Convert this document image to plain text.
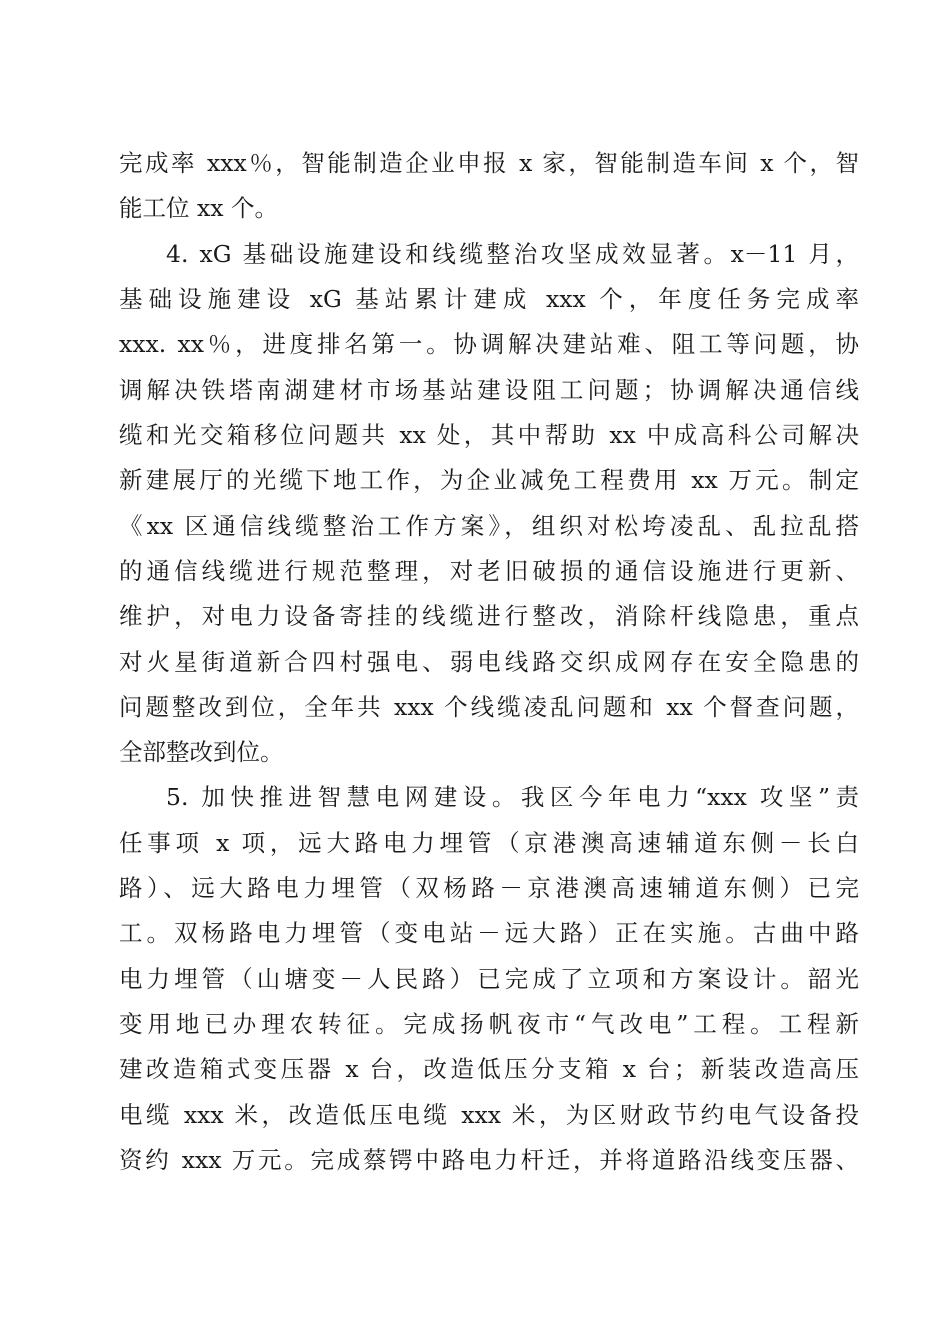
完成率 xxx％，智能制造企业申报 x 家，智能制造车间 x 个，智
能工位 xx 个。
4. xG 基础设施建设和线缆整治攻坚成效显著。x－11 月，
基础设施建设 xG 基站累计建成 xxx 个，年度任务完成率
xxx. xx％，进度排名第一。协调解决建站难、阻工等问题，协
调解决铁塔南湖建材市场基站建设阻工问题；协调解决通信线
缆和光交箱移位问题共 xx 处，其中帮助 xx 中成高科公司解决
新建展厅的光缆下地工作，为企业减免工程费用 xx 万元。制定
《xx 区通信线缆整治工作方案》，组织对松垮凌乱、乱拉乱搭
的通信线缆进行规范整理，对老旧破损的通信设施进行更新、
维护，对电力设备寄挂的线缆进行整改，消除杆线隐患，重点
对火星街道新合四村强电、弱电线路交织成网存在安全隐患的
问题整改到位，全年共 xxx 个线缆凌乱问题和 xx 个督查问题，
全部整改到位。
5. 加快推进智慧电网建设。我区今年电力“xxx 攻坚”责
任事项 x 项，远大路电力埋管（京港澳高速辅道东侧－长白
路）、远大路电力埋管（双杨路－京港澳高速辅道东侧）已完
工。双杨路电力埋管（变电站－远大路）正在实施。古曲中路
电力埋管（山塘变－人民路）已完成了立项和方案设计。韶光
变用地已办理农转征。完成扬帆夜市“气改电”工程。工程新
建改造箱式变压器 x 台，改造低压分支箱 x 台；新装改造高压
电缆 xxx 米，改造低压电缆 xxx 米，为区财政节约电气设备投
资约 xxx 万元。完成蔡锷中路电力杆迁，并将道路沿线变压器、
